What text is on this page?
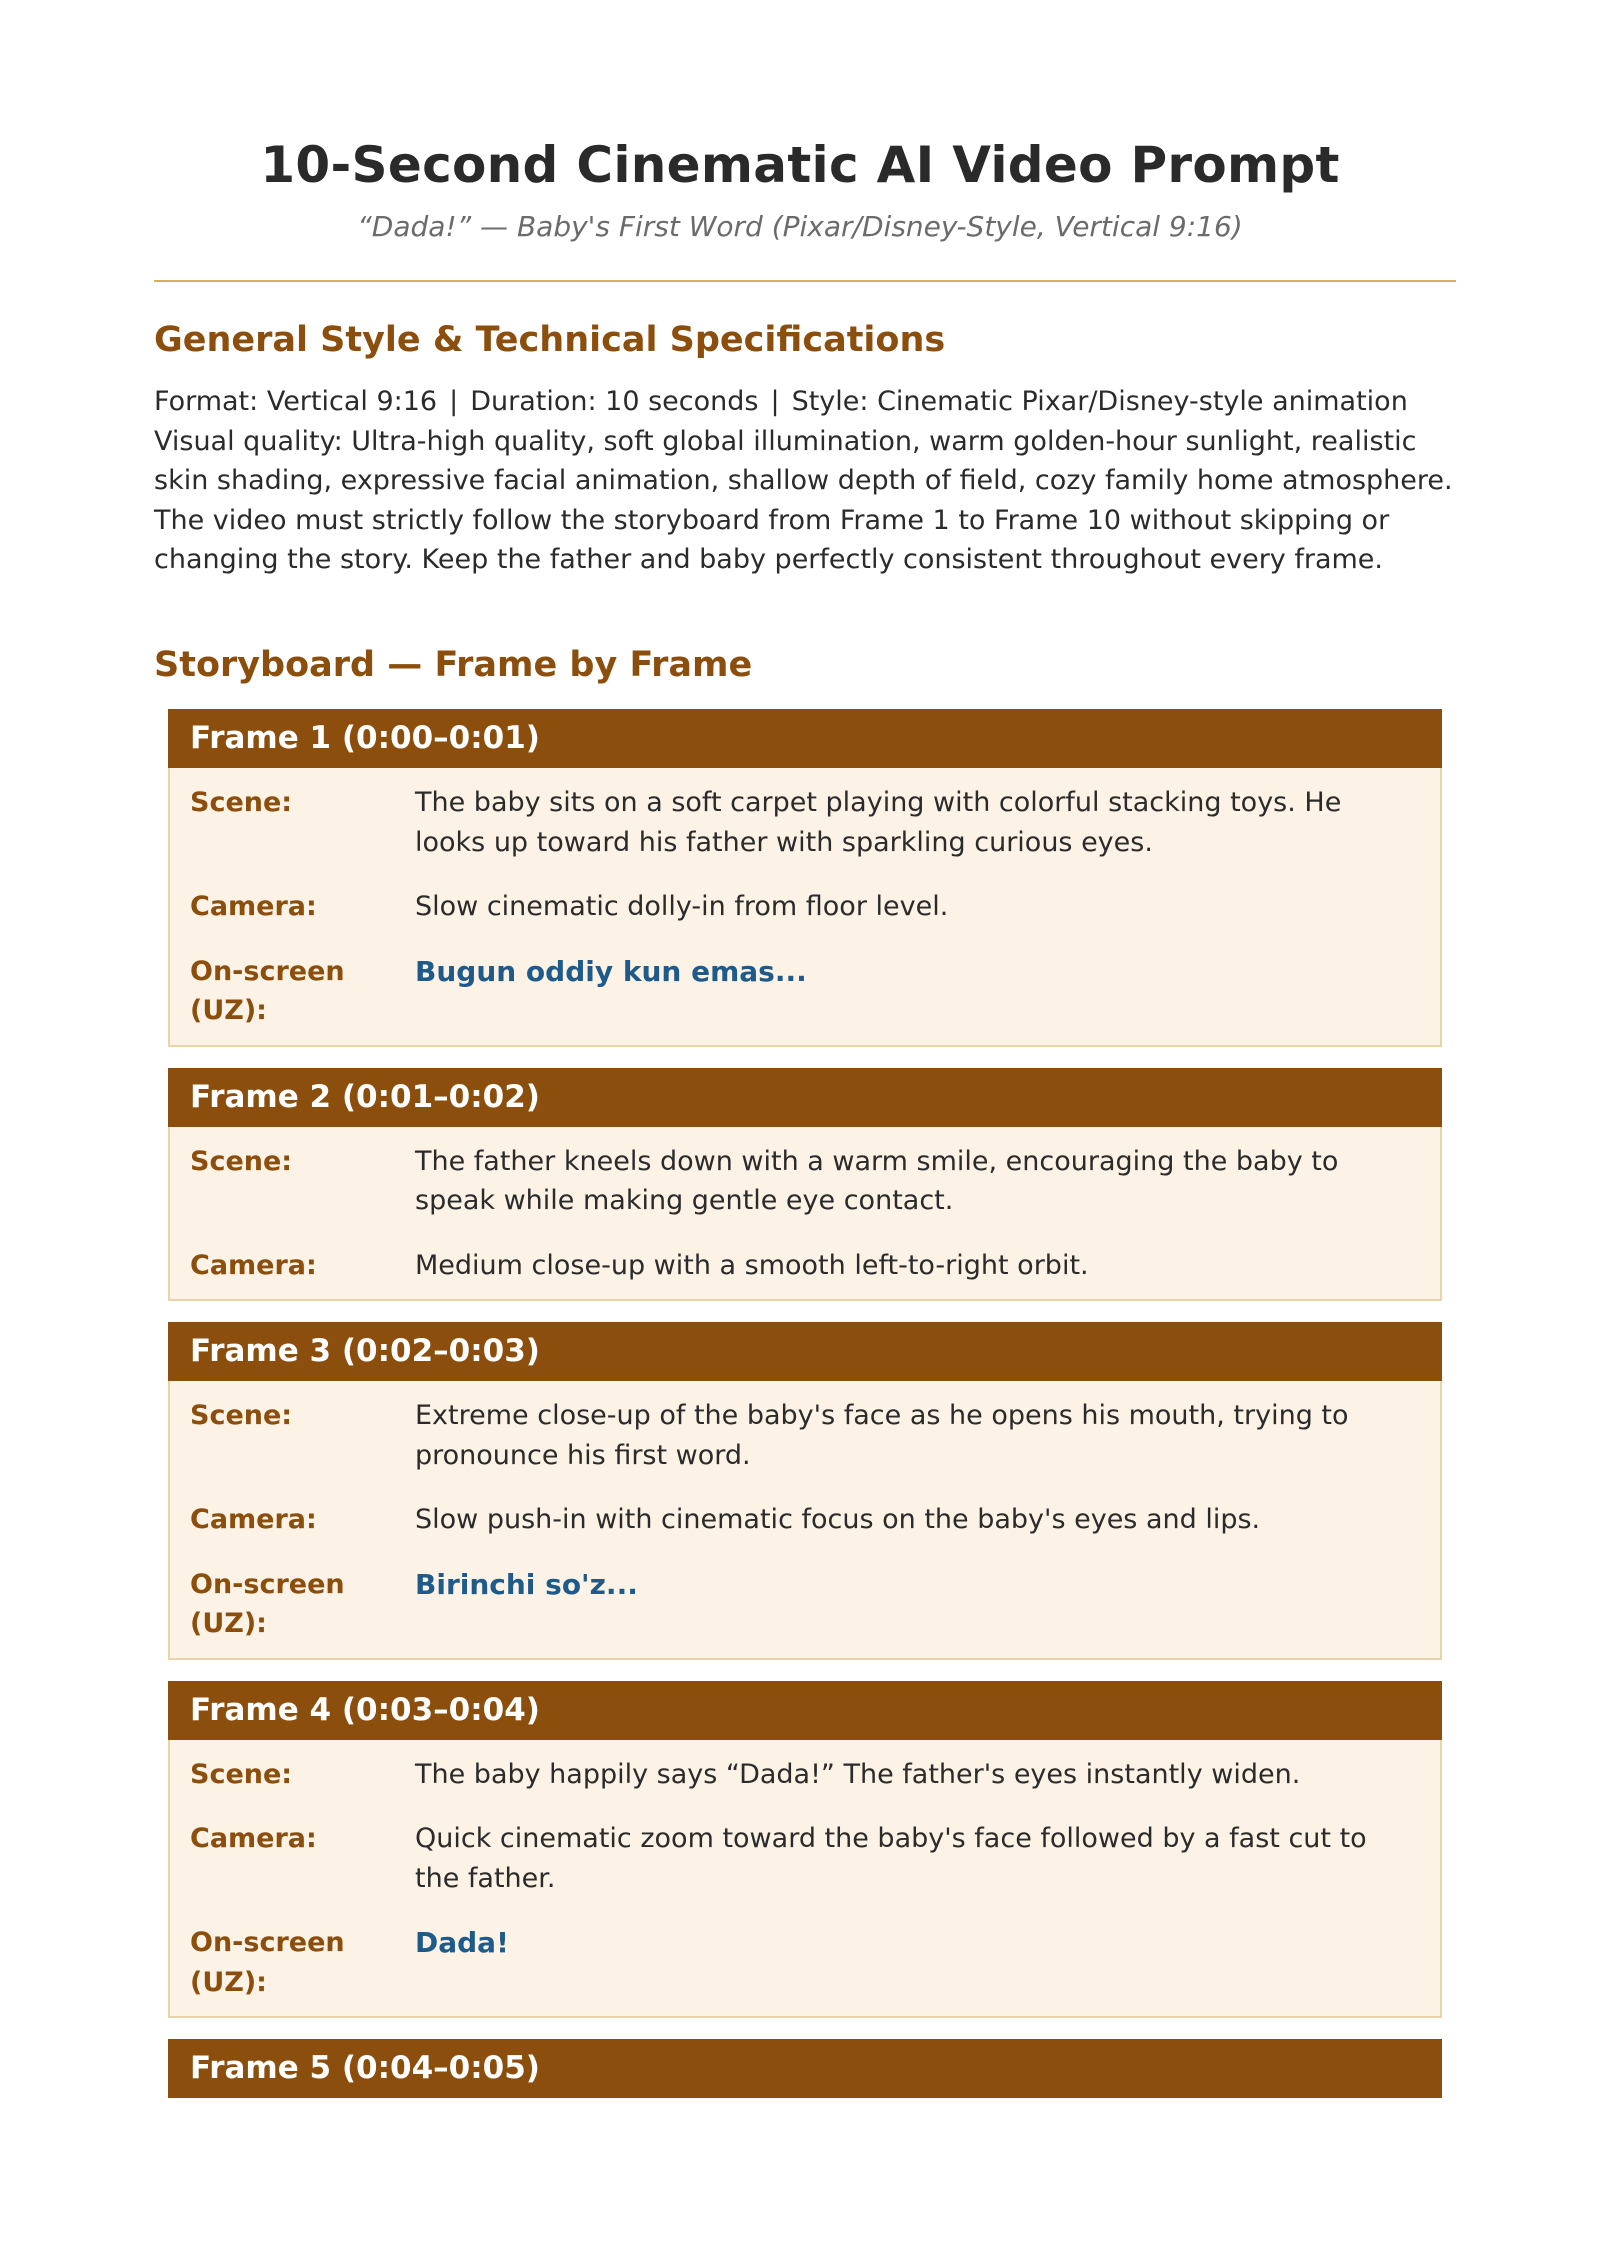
10-Second Cinematic AI Video Prompt
“Dada!” — Baby's First Word (Pixar/Disney-Style, Vertical 9:16)
General Style & Technical Specifications

Format: Vertical 9:16 | Duration: 10 seconds | Style: Cinematic Pixar/Disney-style animation

Visual quality: Ultra-high quality, soft global illumination, warm golden-hour sunlight, realistic skin shading, expressive facial animation, shallow depth of field, cozy family home atmosphere.

The video must strictly follow the storyboard from Frame 1 to Frame 10 without skipping or changing the story. Keep the father and baby perfectly consistent throughout every frame.

Storyboard — Frame by Frame
Frame 1 (0:00–0:01)
Scene:	The baby sits on a soft carpet playing with colorful stacking toys. He looks up toward his father with sparkling curious eyes.
Camera:	Slow cinematic dolly-in from floor level.
On-screen (UZ):
Bugun oddiy kun emas...
Frame 2 (0:01–0:02)
Scene:	The father kneels down with a warm smile, encouraging the baby to speak while making gentle eye contact.
Camera:	Medium close-up with a smooth left-to-right orbit.
Frame 3 (0:02–0:03)
Scene:	Extreme close-up of the baby's face as he opens his mouth, trying to pronounce his first word.
Camera:	Slow push-in with cinematic focus on the baby's eyes and lips.
On-screen (UZ):
Birinchi so'z...
Frame 4 (0:03–0:04)
Scene:	The baby happily says “Dada!” The father's eyes instantly widen.
Camera:	Quick cinematic zoom toward the baby's face followed by a fast cut to the father.
On-screen (UZ):
Dada!
Frame 5 (0:04–0:05)
